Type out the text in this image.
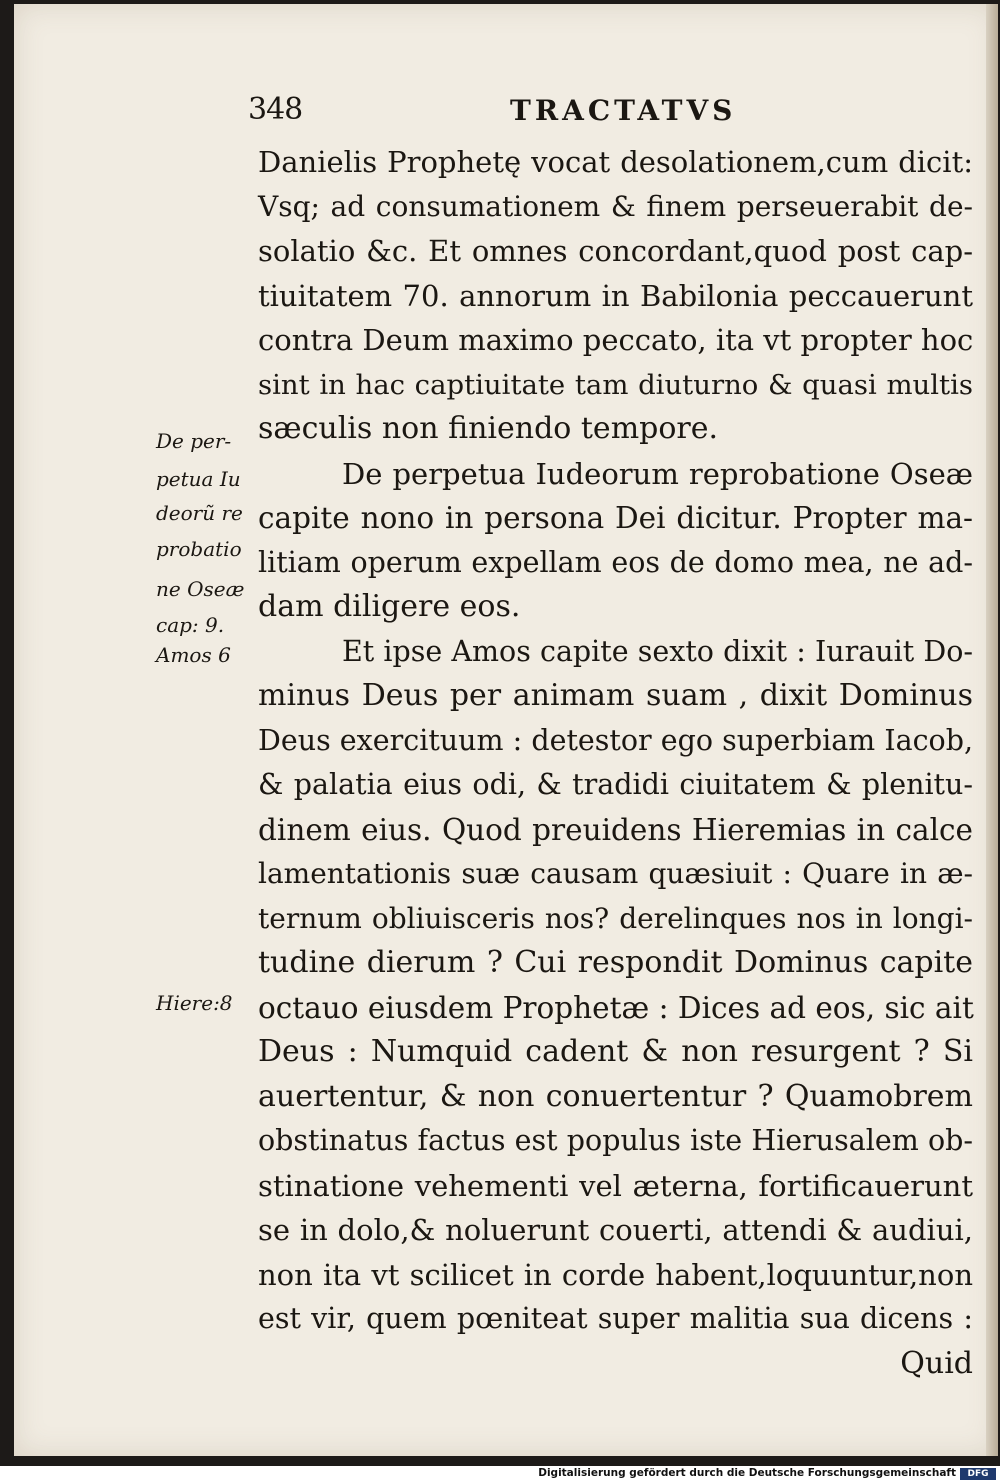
348	TRACTATVS
De per-
petua Iu
deorũ re
probatio
ne Oseæ
cap: 9.
Amos 6
Hiere:8
Danielis Prophetę vocat desolationem,cum dicit:
Vsq; ad consumationem & finem perseuerabit de-
solatio &c. Et omnes concordant,quod post cap-
tiuitatem 70. annorum in Babilonia peccauerunt
contra Deum maximo peccato, ita vt propter hoc
sint in hac captiuitate tam diuturno & quasi multis
sæculis non finiendo tempore.
De perpetua Iudeorum reprobatione Oseæ
capite nono in persona Dei dicitur. Propter ma-
litiam operum expellam eos de domo mea, ne ad-
dam diligere eos.
Et ipse Amos capite sexto dixit : Iurauit Do-
minus Deus per animam suam , dixit Dominus
Deus exercituum : detestor ego superbiam Iacob,
& palatia eius odi, & tradidi ciuitatem & plenitu-
dinem eius. Quod preuidens Hieremias in calce
lamentationis suæ causam quæsiuit : Quare in æ-
ternum obliuisceris nos? derelinques nos in longi-
tudine dierum ? Cui respondit Dominus capite
octauo eiusdem Prophetæ : Dices ad eos, sic ait
Deus : Numquid cadent & non resurgent ? Si
auertentur, & non conuertentur ? Quamobrem
obstinatus factus est populus iste Hierusalem ob-
stinatione vehementi vel æterna, fortificauerunt
se in dolo,& noluerunt couerti, attendi & audiui,
non ita vt scilicet in corde habent,loquuntur,non
est vir, quem pœniteat super malitia sua dicens :
Quid
Digitalisierung gefördert durch die Deutsche Forschungsgemeinschaft	DFG
